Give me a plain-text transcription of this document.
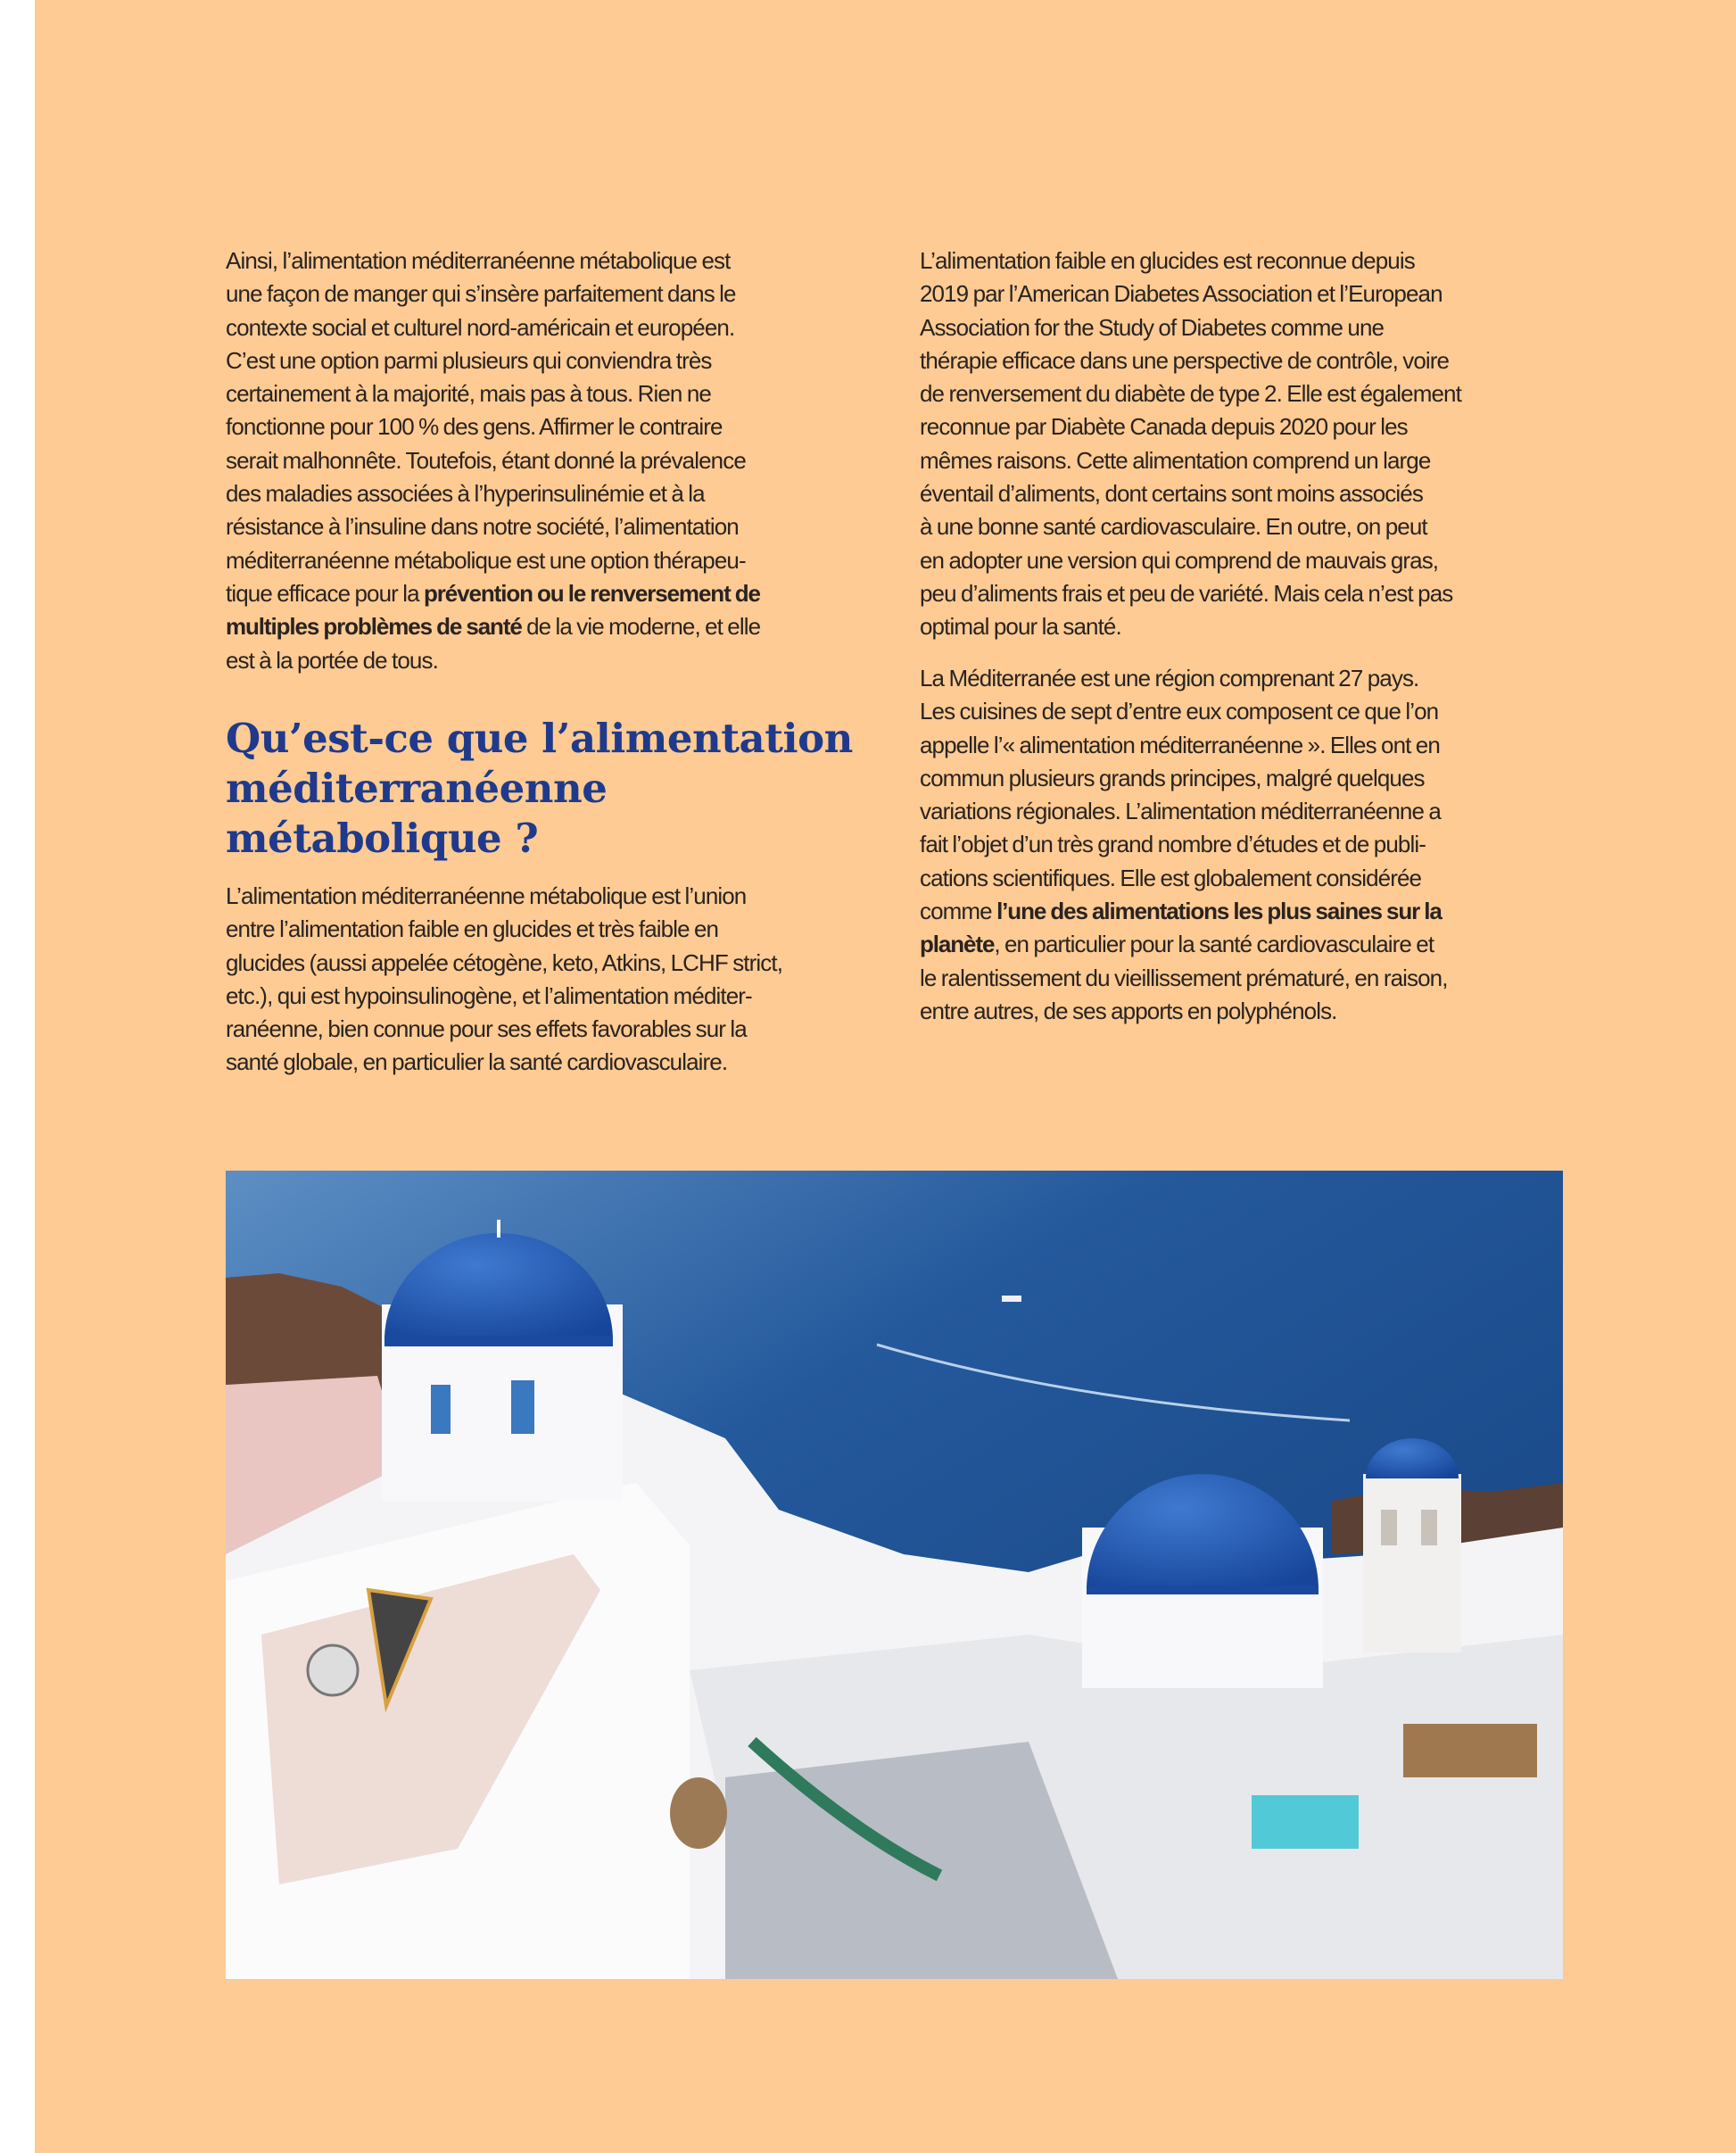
Ainsi, l’alimentation méditerranéenne métabolique est
une façon de manger qui s’insère parfaitement dans le
contexte social et culturel nord-américain et européen.
C’est une option parmi plusieurs qui conviendra très
certainement à la majorité, mais pas à tous. Rien ne
fonctionne pour 100 % des gens. Affirmer le contraire
serait malhonnête. Toutefois, étant donné la prévalence
des maladies associées à l’hyperinsulinémie et à la
résistance à l’insuline dans notre société, l’alimentation
méditerranéenne métabolique est une option thérapeu-
tique efficace pour la prévention ou le renversement de
multiples problèmes de santé de la vie moderne, et elle
est à la portée de tous.
Qu’est-ce que l’alimentation
méditerranéenne
métabolique ?
L’alimentation méditerranéenne métabolique est l’union
entre l’alimentation faible en glucides et très faible en
glucides (aussi appelée cétogène, keto, Atkins, LCHF strict,
etc.), qui est hypoinsulinogène, et l’alimentation méditer-
ranéenne, bien connue pour ses effets favorables sur la
santé globale, en particulier la santé cardiovasculaire.
L’alimentation faible en glucides est reconnue depuis
2019 par l’American Diabetes Association et l’European
Association for the Study of Diabetes comme une
thérapie efficace dans une perspective de contrôle, voire
de renversement du diabète de type 2. Elle est également
reconnue par Diabète Canada depuis 2020 pour les
mêmes raisons. Cette alimentation comprend un large
éventail d’aliments, dont certains sont moins associés
à une bonne santé cardiovasculaire. En outre, on peut
en adopter une version qui comprend de mauvais gras,
peu d’aliments frais et peu de variété. Mais cela n’est pas
optimal pour la santé.
La Méditerranée est une région comprenant 27 pays.
Les cuisines de sept d’entre eux composent ce que l’on
appelle l’« alimentation méditerranéenne ». Elles ont en
commun plusieurs grands principes, malgré quelques
variations régionales. L’alimentation méditerranéenne a
fait l’objet d’un très grand nombre d’études et de publi-
cations scientifiques. Elle est globalement considérée
comme l’une des alimentations les plus saines sur la
planète, en particulier pour la santé cardiovasculaire et
le ralentissement du vieillissement prématuré, en raison,
entre autres, de ses apports en polyphénols.
